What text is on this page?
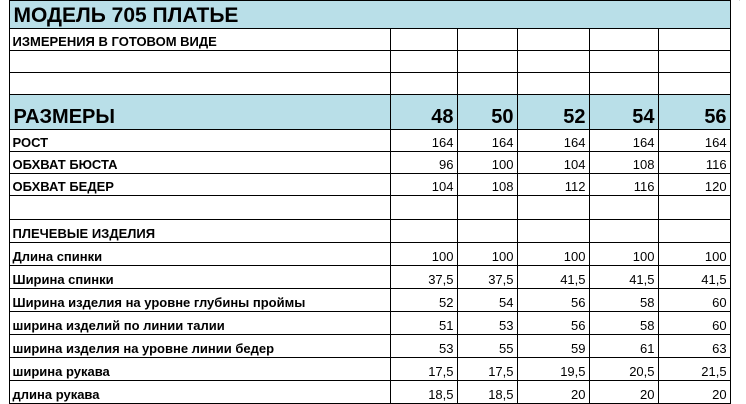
	МОДЕЛЬ 705 ПЛАТЬЕ						
	ИЗМЕРЕНИЯ В ГОТОВОМ ВИДЕ						

	РАЗМЕРЫ	48	50	52	54	56	
	РОСТ	164	164	164	164	164	
	ОБХВАТ БЮСТА	96	100	104	108	116	
	ОБХВАТ БЕДЕР	104	108	112	116	120	

	ПЛЕЧЕВЫЕ ИЗДЕЛИЯ						
	Длина спинки	100	100	100	100	100	
	Ширина спинки	37,5	37,5	41,5	41,5	41,5	
	Ширина изделия на уровне глубины проймы	52	54	56	58	60	
	ширина изделий по линии талии	51	53	56	58	60	
	ширина изделия на уровне линии бедер	53	55	59	61	63	
	ширина рукава	17,5	17,5	19,5	20,5	21,5	
	длина рукава	18,5	18,5	20	20	20	
